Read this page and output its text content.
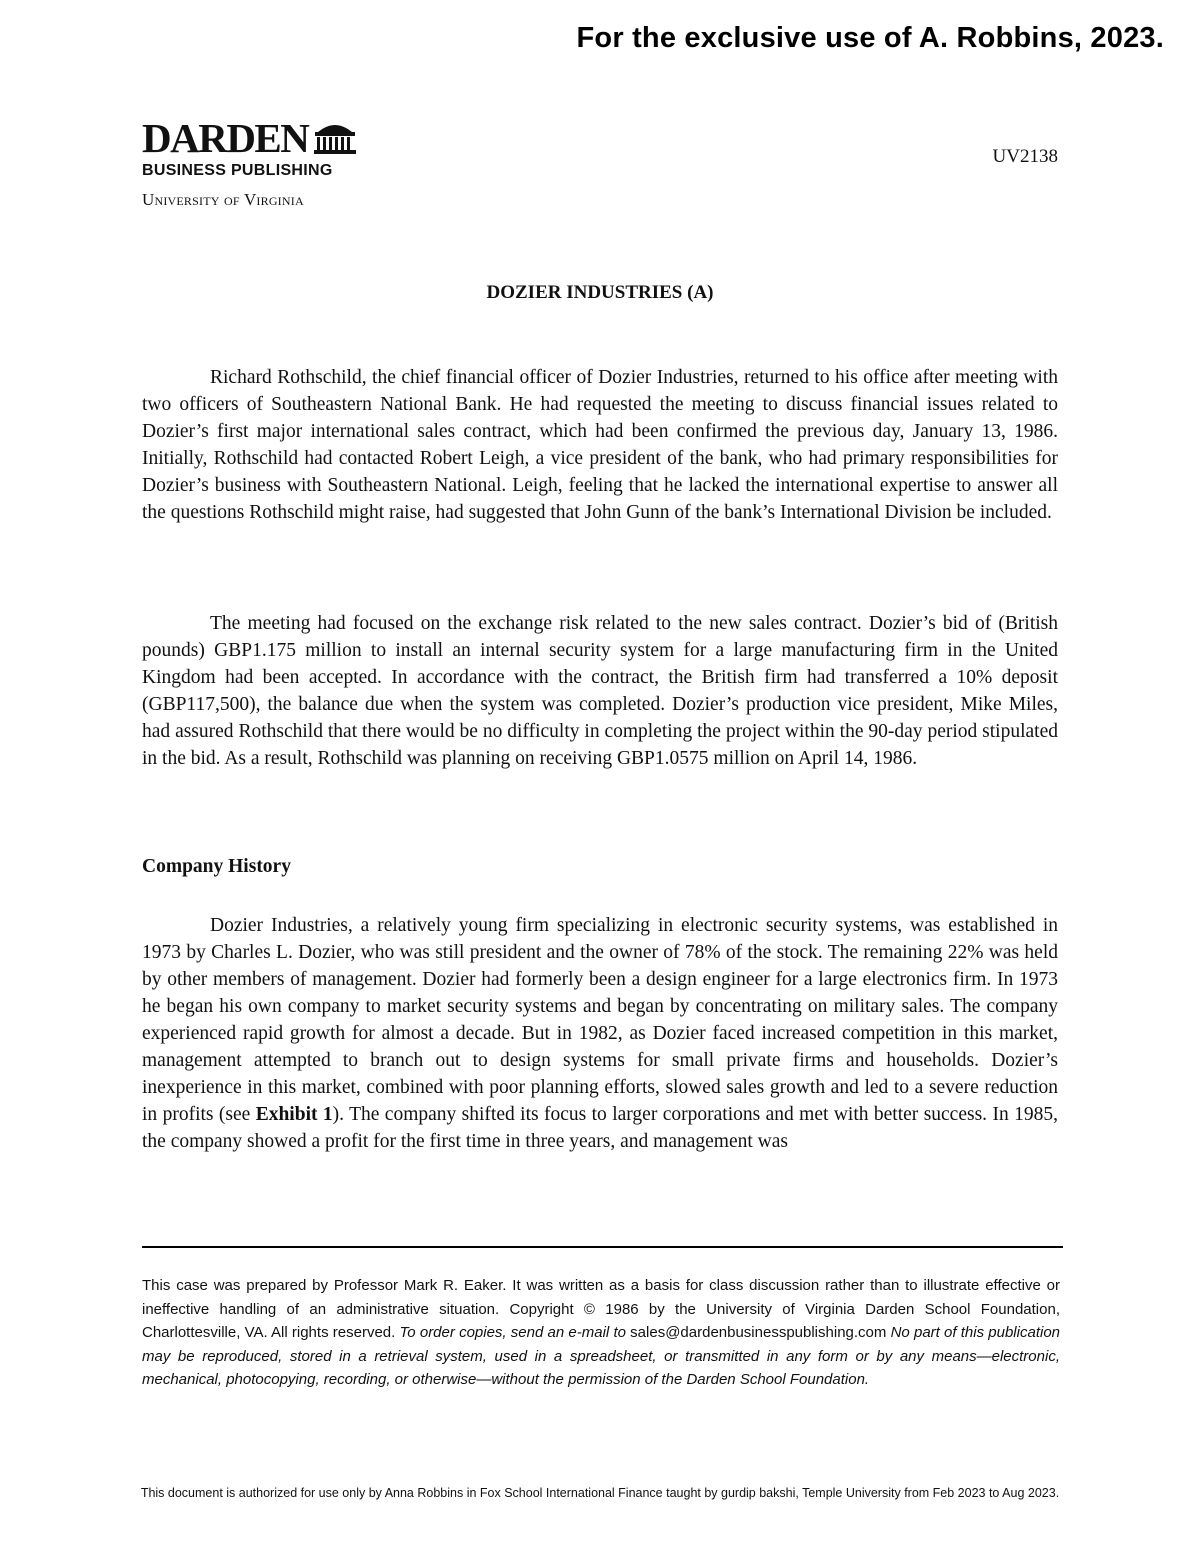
For the exclusive use of A. Robbins, 2023.
DARDEN
BUSINESS PUBLISHING
University of Virginia
UV2138
DOZIER INDUSTRIES (A)

Richard Rothschild, the chief financial officer of Dozier Industries, returned to his office after meeting with two officers of Southeastern National Bank. He had requested the meeting to discuss financial issues related to Dozier’s first major international sales contract, which had been confirmed the previous day, January 13, 1986. Initially, Rothschild had contacted Robert Leigh, a vice president of the bank, who had primary responsibilities for Dozier’s business with Southeastern National. Leigh, feeling that he lacked the international expertise to answer all the questions Rothschild might raise, had suggested that John Gunn of the bank’s International Division be included.

The meeting had focused on the exchange risk related to the new sales contract. Dozier’s bid of (British pounds) GBP1.175 million to install an internal security system for a large manufacturing firm in the United Kingdom had been accepted. In accordance with the contract, the British firm had transferred a 10% deposit (GBP117,500), the balance due when the system was completed. Dozier’s production vice president, Mike Miles, had assured Rothschild that there would be no difficulty in completing the project within the 90-day period stipulated in the bid. As a result, Rothschild was planning on receiving GBP1.0575 million on April 14, 1986.

Company History

Dozier Industries, a relatively young firm specializing in electronic security systems, was established in 1973 by Charles L. Dozier, who was still president and the owner of 78% of the stock. The remaining 22% was held by other members of management. Dozier had formerly been a design engineer for a large electronics firm. In 1973 he began his own company to market security systems and began by concentrating on military sales. The company experienced rapid growth for almost a decade. But in 1982, as Dozier faced increased competition in this market, management attempted to branch out to design systems for small private firms and households. Dozier’s inexperience in this market, combined with poor planning efforts, slowed sales growth and led to a severe reduction in profits (see Exhibit 1). The company shifted its focus to larger corporations and met with better success. In 1985, the company showed a profit for the first time in three years, and management was

This case was prepared by Professor Mark R. Eaker. It was written as a basis for class discussion rather than to illustrate effective or ineffective handling of an administrative situation. Copyright © 1986 by the University of Virginia Darden School Foundation, Charlottesville, VA. All rights reserved. To order copies, send an e-mail to sales@dardenbusinesspublishing.com No part of this publication may be reproduced, stored in a retrieval system, used in a spreadsheet, or transmitted in any form or by any means—electronic, mechanical, photocopying, recording, or otherwise—without the permission of the Darden School Foundation.
This document is authorized for use only by Anna Robbins in Fox School International Finance taught by gurdip bakshi, Temple University from Feb 2023 to Aug 2023.
